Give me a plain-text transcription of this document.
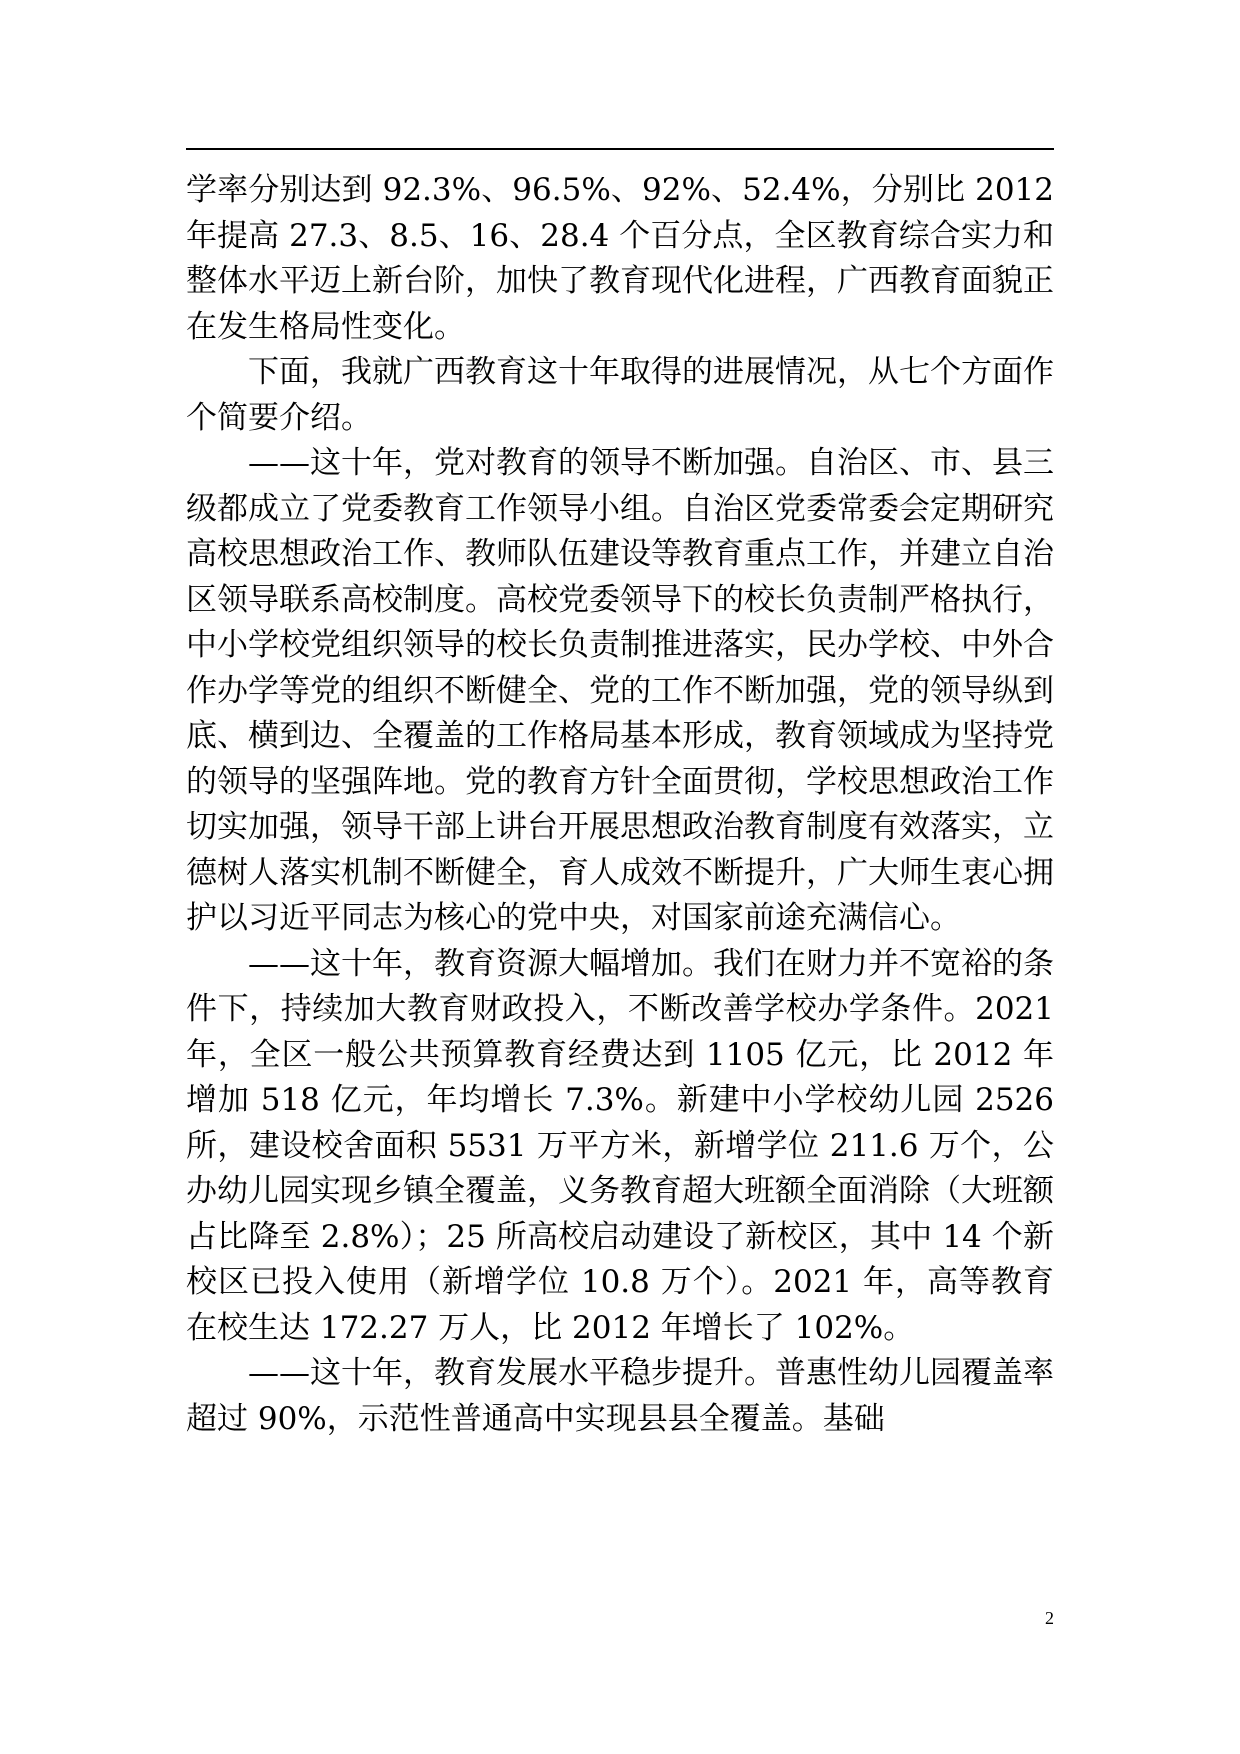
学率分别达到 92.3%、96.5%、92%、52.4%，分别比 2012 年提高 27.3、8.5、16、28.4 个百分点，全区教育综合实力和整体水平迈上新台阶，加快了教育现代化进程，广西教育面貌正在发生格局性变化。

下面，我就广西教育这十年取得的进展情况，从七个方面作个简要介绍。

——这十年，党对教育的领导不断加强。自治区、市、县三级都成立了党委教育工作领导小组。自治区党委常委会定期研究高校思想政治工作、教师队伍建设等教育重点工作，并建立自治区领导联系高校制度。高校党委领导下的校长负责制严格执行，中小学校党组织领导的校长负责制推进落实，民办学校、中外合作办学等党的组织不断健全、党的工作不断加强，党的领导纵到底、横到边、全覆盖的工作格局基本形成，教育领域成为坚持党的领导的坚强阵地。党的教育方针全面贯彻，学校思想政治工作切实加强，领导干部上讲台开展思想政治教育制度有效落实，立德树人落实机制不断健全，育人成效不断提升，广大师生衷心拥护以习近平同志为核心的党中央，对国家前途充满信心。

——这十年，教育资源大幅增加。我们在财力并不宽裕的条件下，持续加大教育财政投入，不断改善学校办学条件。2021 年，全区一般公共预算教育经费达到 1105 亿元，比 2012 年增加 518 亿元，年均增长 7.3%。新建中小学校幼儿园 2526 所，建设校舍面积 5531 万平方米，新增学位 211.6 万个，公办幼儿园实现乡镇全覆盖，义务教育超大班额全面消除（大班额占比降至 2.8%）；25 所高校启动建设了新校区，其中 14 个新校区已投入使用（新增学位 10.8 万个）。2021 年，高等教育在校生达 172.27 万人，比 2012 年增长了 102%。

——这十年，教育发展水平稳步提升。普惠性幼儿园覆盖率超过 90%，示范性普通高中实现县县全覆盖。基础

2
